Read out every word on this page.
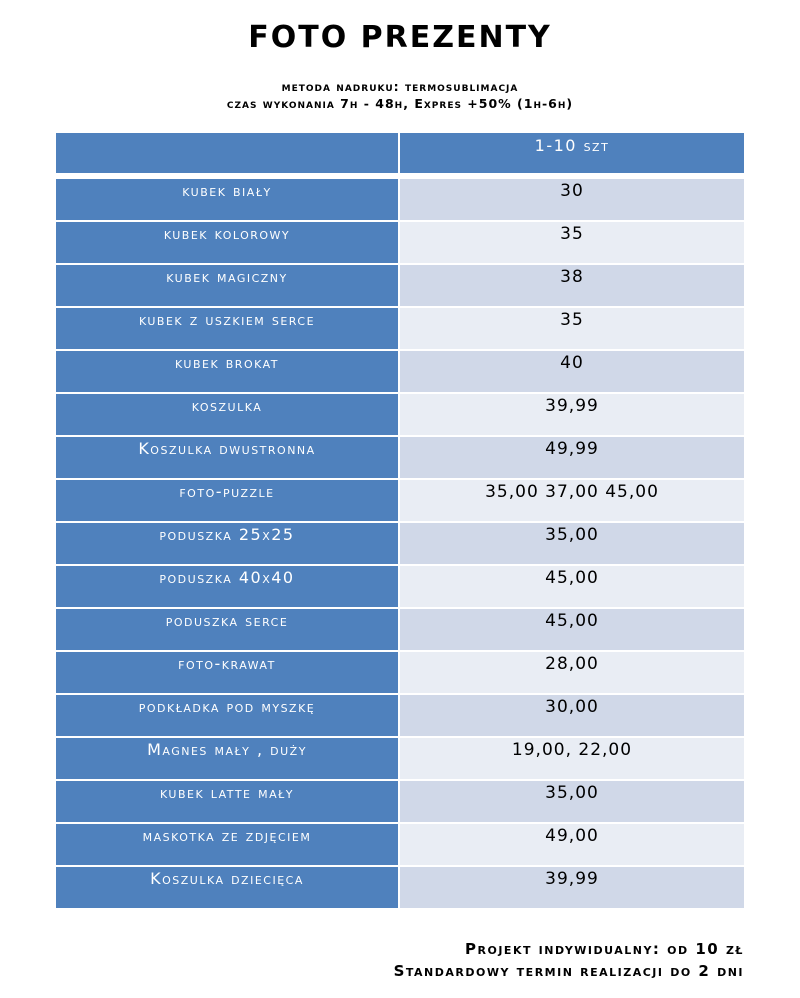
FOTO PREZENTY
metoda nadruku: termosublimacja
czas wykonania 7h - 48h, Expres +50% (1h-6h)
	1-10 szt
kubek biały	30
kubek kolorowy	35
kubek magiczny	38
kubek z uszkiem serce	35
kubek brokat	40
koszulka	39,99
Koszulka dwustronna	49,99
foto-puzzle	35,00 37,00 45,00
poduszka 25x25	35,00
poduszka 40x40	45,00
poduszka serce	45,00
foto-krawat	28,00
podkładka pod myszkę	30,00
Magnes mały , duży	19,00, 22,00
kubek latte mały	35,00
maskotka ze zdjęciem	49,00
Koszulka dziecięca	39,99
Projekt indywidualny: od 10 zł
Standardowy termin realizacji do 2 dni
